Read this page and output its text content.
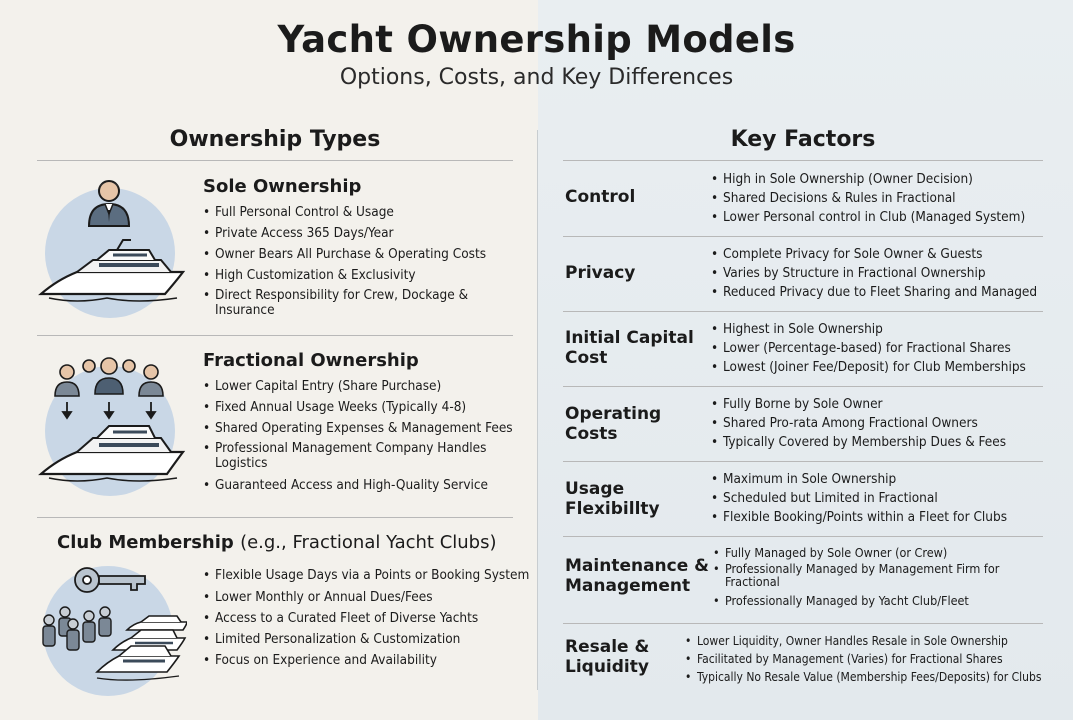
Yacht Ownership Models
Options, Costs, and Key Differences
Ownership Types	Key Factors
Sole Ownership
• Full Personal Control & Usage
• Private Access 365 Days/Year
• Owner Bears All Purchase & Operating Costs
• High Customization & Exclusivity
• Direct Responsibility for Crew, Dockage & Insurance
Fractional Ownership
• Lower Capital Entry (Share Purchase)
• Fixed Annual Usage Weeks (Typically 4-8)
• Shared Operating Expenses & Management Fees
• Professional Management Company Handles Logistics
• Guaranteed Access and High-Quality Service
Club Membership (e.g., Fractional Yacht Clubs)
• Flexible Usage Days via a Points or Booking System
• Lower Monthly or Annual Dues/Fees
• Access to a Curated Fleet of Diverse Yachts
• Limited Personalization & Customization
• Focus on Experience and Availability
Control
• High in Sole Ownership (Owner Decision)
• Shared Decisions & Rules in Fractional
• Lower Personal control in Club (Managed System)
Privacy
• Complete Privacy for Sole Owner & Guests
• Varies by Structure in Fractional Ownership
• Reduced Privacy due to Fleet Sharing and Managed
Initial Capital Cost
• Highest in Sole Ownership
• Lower (Percentage-based) for Fractional Shares
• Lowest (Joiner Fee/Deposit) for Club Memberships
Operating Costs
• Fully Borne by Sole Owner
• Shared Pro-rata Among Fractional Owners
• Typically Covered by Membership Dues & Fees
Usage Flexibillty
• Maximum in Sole Ownership
• Scheduled but Limited in Fractional
• Flexible Booking/Points within a Fleet for Clubs
Maintenance & Management
• Fully Managed by Sole Owner (or Crew)
• Professionally Managed by Management Firm for Fractional
• Professionally Managed by Yacht Club/Fleet
Resale & Liquidity
• Lower Liquidity, Owner Handles Resale in Sole Ownership
• Facilitated by Management (Varies) for Fractional Shares
• Typically No Resale Value (Membership Fees/Deposits) for Clubs
